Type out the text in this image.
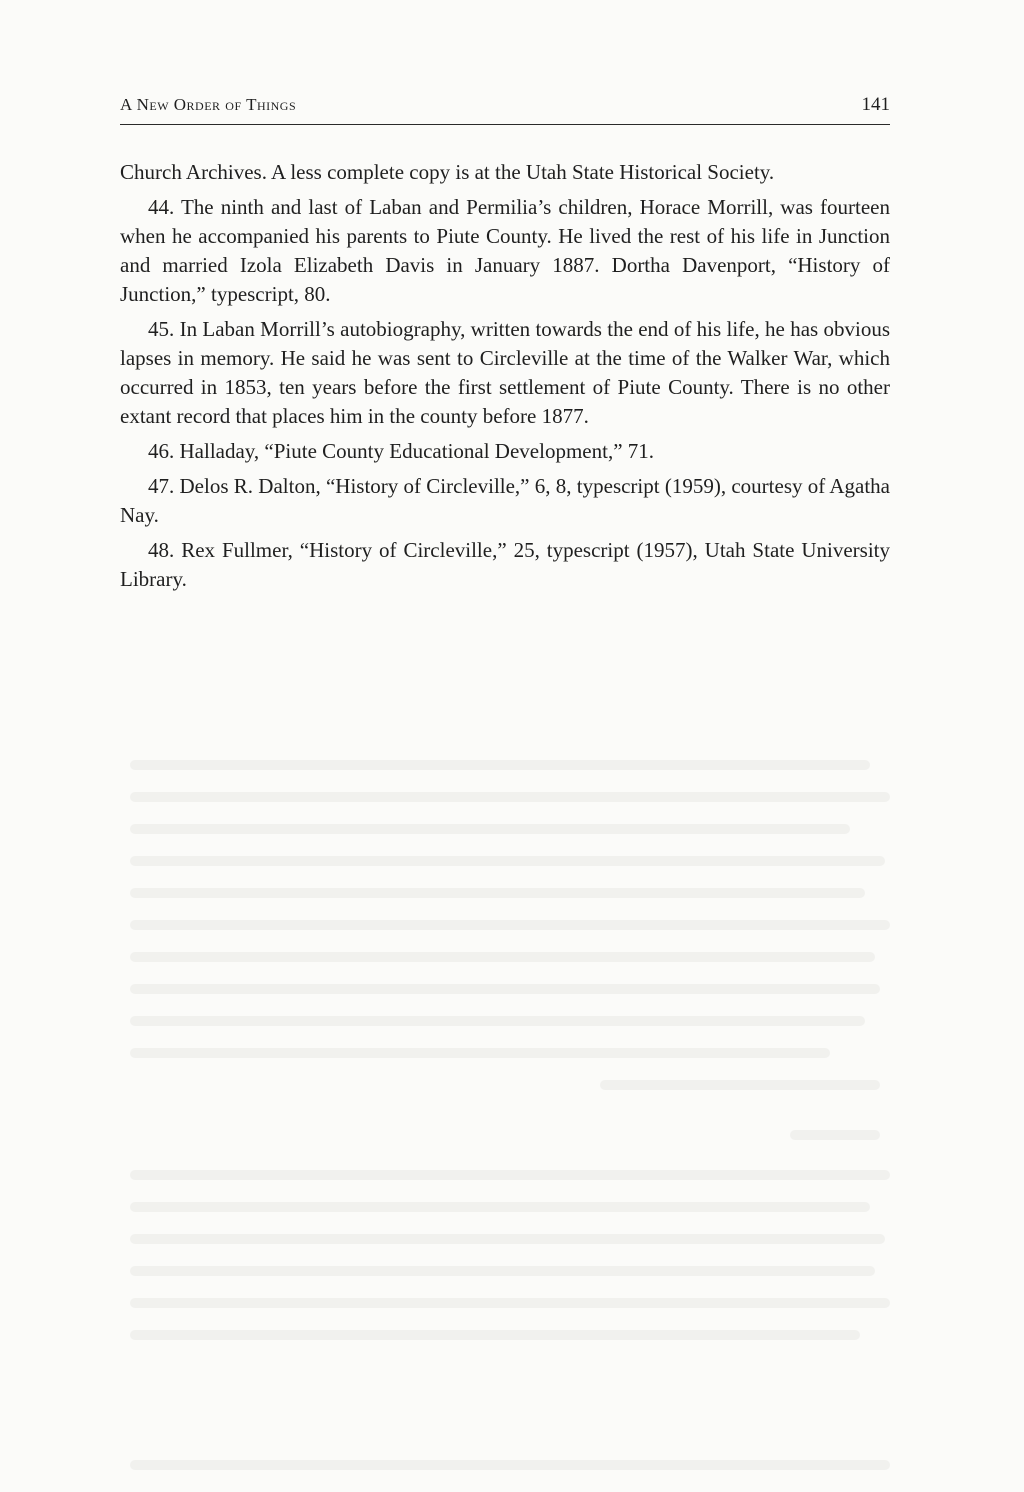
A New Order of Things	141

Church Archives. A less complete copy is at the Utah State Historical Society.

44. The ninth and last of Laban and Permilia’s children, Horace Morrill, was fourteen when he accompanied his parents to Piute County. He lived the rest of his life in Junction and married Izola Elizabeth Davis in January 1887. Dortha Davenport, “History of Junction,” typescript, 80.

45. In Laban Morrill’s autobiography, written towards the end of his life, he has obvious lapses in memory. He said he was sent to Circleville at the time of the Walker War, which occurred in 1853, ten years before the first settlement of Piute County. There is no other extant record that places him in the county before 1877.

46. Halladay, “Piute County Educational Development,” 71.

47. Delos R. Dalton, “History of Circleville,” 6, 8, typescript (1959), courtesy of Agatha Nay.

48. Rex Fullmer, “History of Circleville,” 25, typescript (1957), Utah State University Library.
